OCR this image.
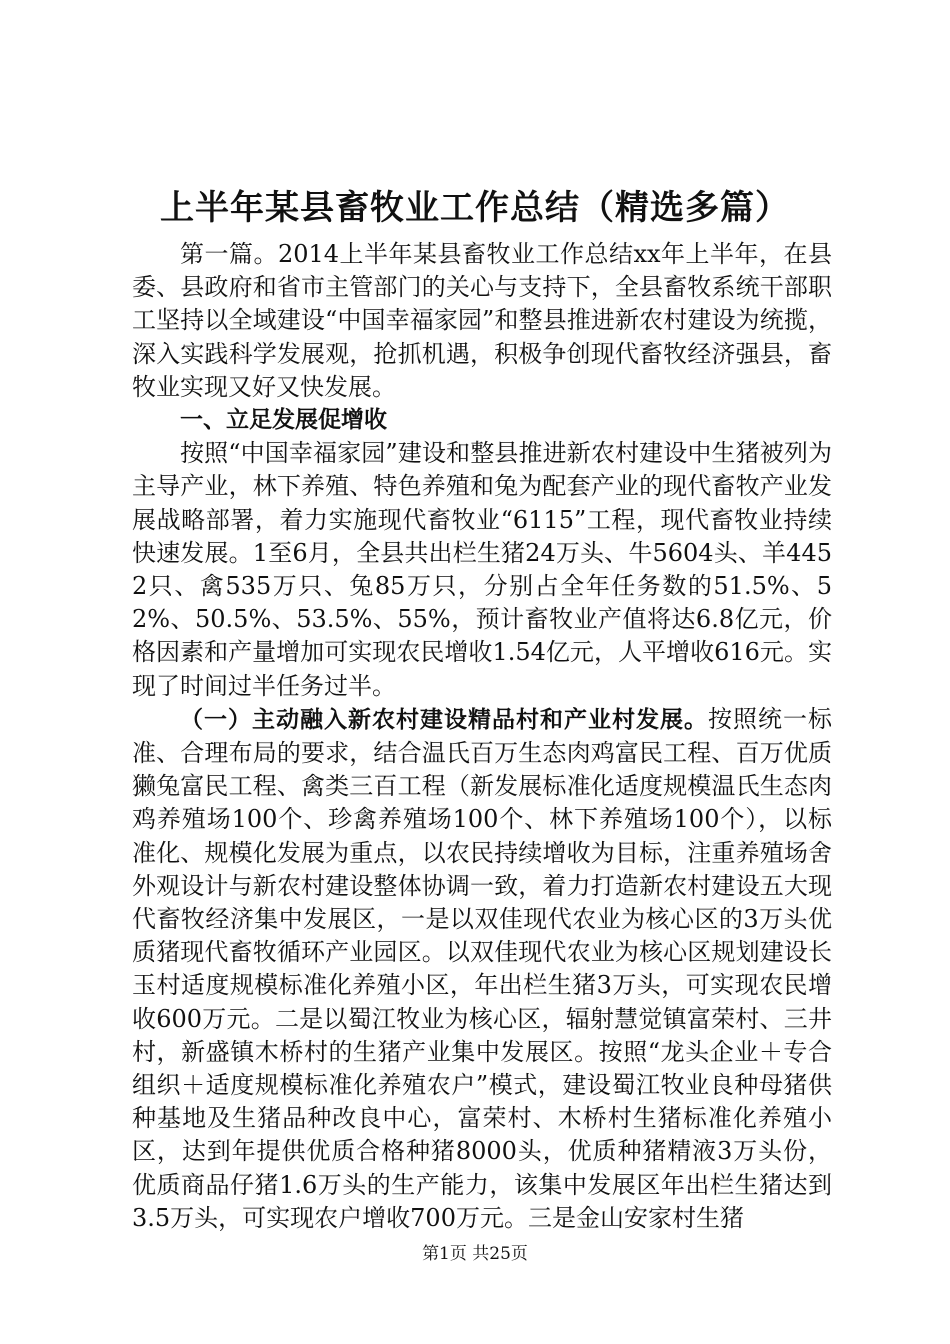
上半年某县畜牧业工作总结（精选多篇）

第一篇。2014上半年某县畜牧业工作总结xx年上半年，在县委、县政府和省市主管部门的关心与支持下，全县畜牧系统干部职工坚持以全域建设“中国幸福家园”和整县推进新农村建设为统揽，深入实践科学发展观，抢抓机遇，积极争创现代畜牧经济强县，畜牧业实现又好又快发展。

一、立足发展促增收

按照“中国幸福家园”建设和整县推进新农村建设中生猪被列为主导产业，林下养殖、特色养殖和兔为配套产业的现代畜牧产业发展战略部署，着力实施现代畜牧业“6115”工程，现代畜牧业持续快速发展。1至6月，全县共出栏生猪24万头、牛5604头、羊4452只、禽535万只、兔85万只，分别占全年任务数的51.5%、52%、50.5%、53.5%、55%，预计畜牧业产值将达6.8亿元，价格因素和产量增加可实现农民增收1.54亿元，人平增收616元。实现了时间过半任务过半。

（一）主动融入新农村建设精品村和产业村发展。按照统一标准、合理布局的要求，结合温氏百万生态肉鸡富民工程、百万优质獭兔富民工程、禽类三百工程（新发展标准化适度规模温氏生态肉鸡养殖场100个、珍禽养殖场100个、林下养殖场100个），以标准化、规模化发展为重点，以农民持续增收为目标，注重养殖场舍外观设计与新农村建设整体协调一致，着力打造新农村建设五大现代畜牧经济集中发展区，一是以双佳现代农业为核心区的3万头优质猪现代畜牧循环产业园区。以双佳现代农业为核心区规划建设长玉村适度规模标准化养殖小区，年出栏生猪3万头，可实现农民增收600万元。二是以蜀江牧业为核心区，辐射慧觉镇富荣村、三井村，新盛镇木桥村的生猪产业集中发展区。按照“龙头企业＋专合组织＋适度规模标准化养殖农户”模式，建设蜀江牧业良种母猪供种基地及生猪品种改良中心，富荣村、木桥村生猪标准化养殖小区，达到年提供优质合格种猪8000头，优质种猪精液3万头份，优质商品仔猪1.6万头的生产能力，该集中发展区年出栏生猪达到3.5万头，可实现农户增收700万元。三是金山安家村生猪

第1页 共25页
